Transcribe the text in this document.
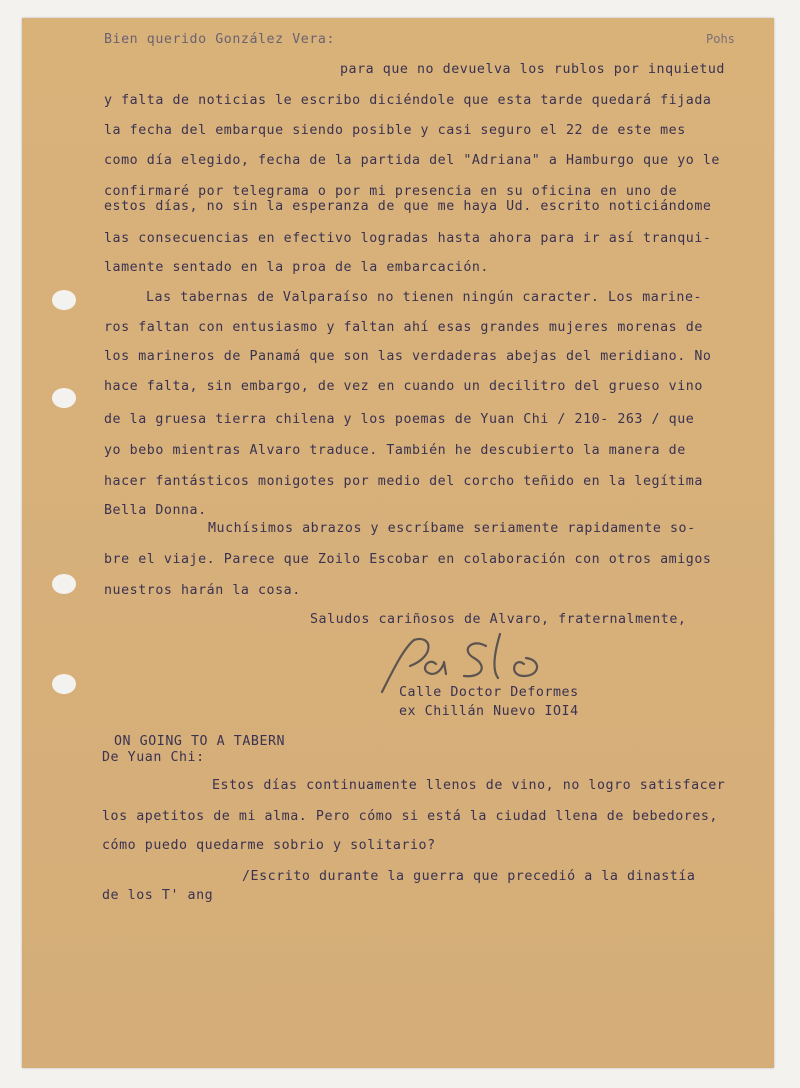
Pohs
Bien querido González Vera:
para que no devuelva los rublos por inquietud
y falta de noticias le escribo diciéndole que esta tarde quedará fijada
la fecha del embarque siendo posible y casi seguro el 22 de este mes
como día elegido, fecha de la partida del "Adriana" a Hamburgo que yo le
confirmaré por telegrama o por mi presencia en su oficina en uno de
estos días, no sin la esperanza de que me haya Ud. escrito noticiándome
las consecuencias en efectivo logradas hasta ahora para ir así tranqui-
lamente sentado en la proa de la embarcación.
Las tabernas de Valparaíso no tienen ningún caracter. Los marine-
ros faltan con entusiasmo y faltan ahí esas grandes mujeres morenas de
los marineros de Panamá que son las verdaderas abejas del meridiano. No
hace falta, sin embargo, de vez en cuando un decilitro del grueso vino
de la gruesa tierra chilena y los poemas de Yuan Chi / 210- 263 / que
yo bebo mientras Alvaro traduce. También he descubierto la manera de
hacer fantásticos monigotes por medio del corcho teñido en la legítima
Bella Donna.
Muchísimos abrazos y escríbame seriamente rapidamente so-
bre el viaje. Parece que Zoilo Escobar en colaboración con otros amigos
nuestros harán la cosa.
Saludos cariñosos de Alvaro, fraternalmente,
Calle Doctor Deformes
ex Chillán Nuevo IOI4
ON GOING TO A TABERN
De Yuan Chi:
Estos días continuamente llenos de vino, no logro satisfacer
los apetitos de mi alma. Pero cómo si está la ciudad llena de bebedores,
cómo puedo quedarme sobrio y solitario?
/Escrito durante la guerra que precedió a la dinastía
de los T' ang
